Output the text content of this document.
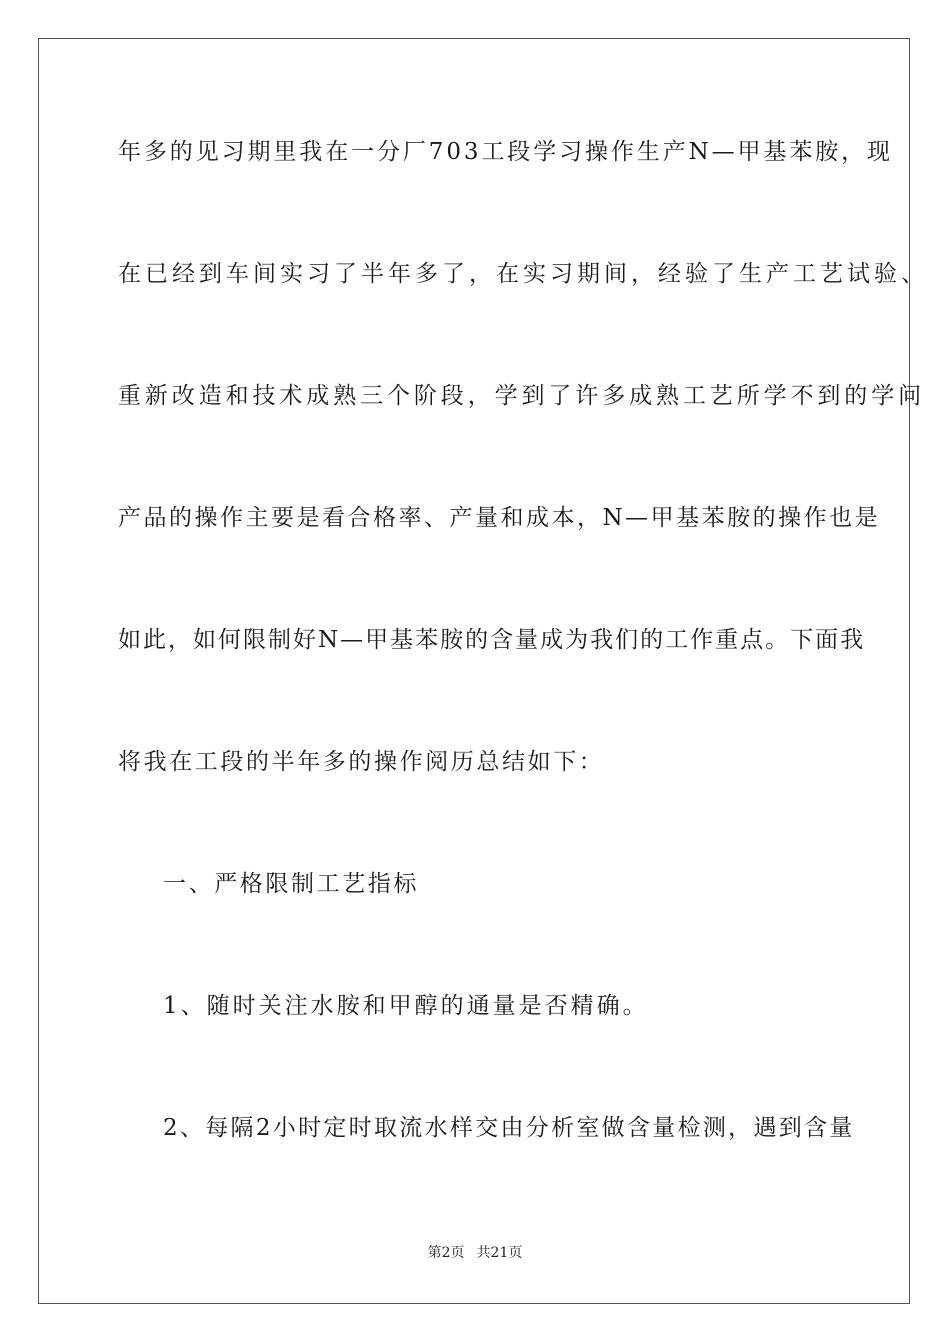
年多的见习期里我在一分厂703工段学习操作生产N—甲基苯胺，现
在已经到车间实习了半年多了，在实习期间，经验了生产工艺试验、
重新改造和技术成熟三个阶段，学到了许多成熟工艺所学不到的学问
产品的操作主要是看合格率、产量和成本，N—甲基苯胺的操作也是
如此，如何限制好N—甲基苯胺的含量成为我们的工作重点。下面我
将我在工段的半年多的操作阅历总结如下：
一、严格限制工艺指标
1、随时关注水胺和甲醇的通量是否精确。
2、每隔2小时定时取流水样交由分析室做含量检测，遇到含量
第2页 共21页
